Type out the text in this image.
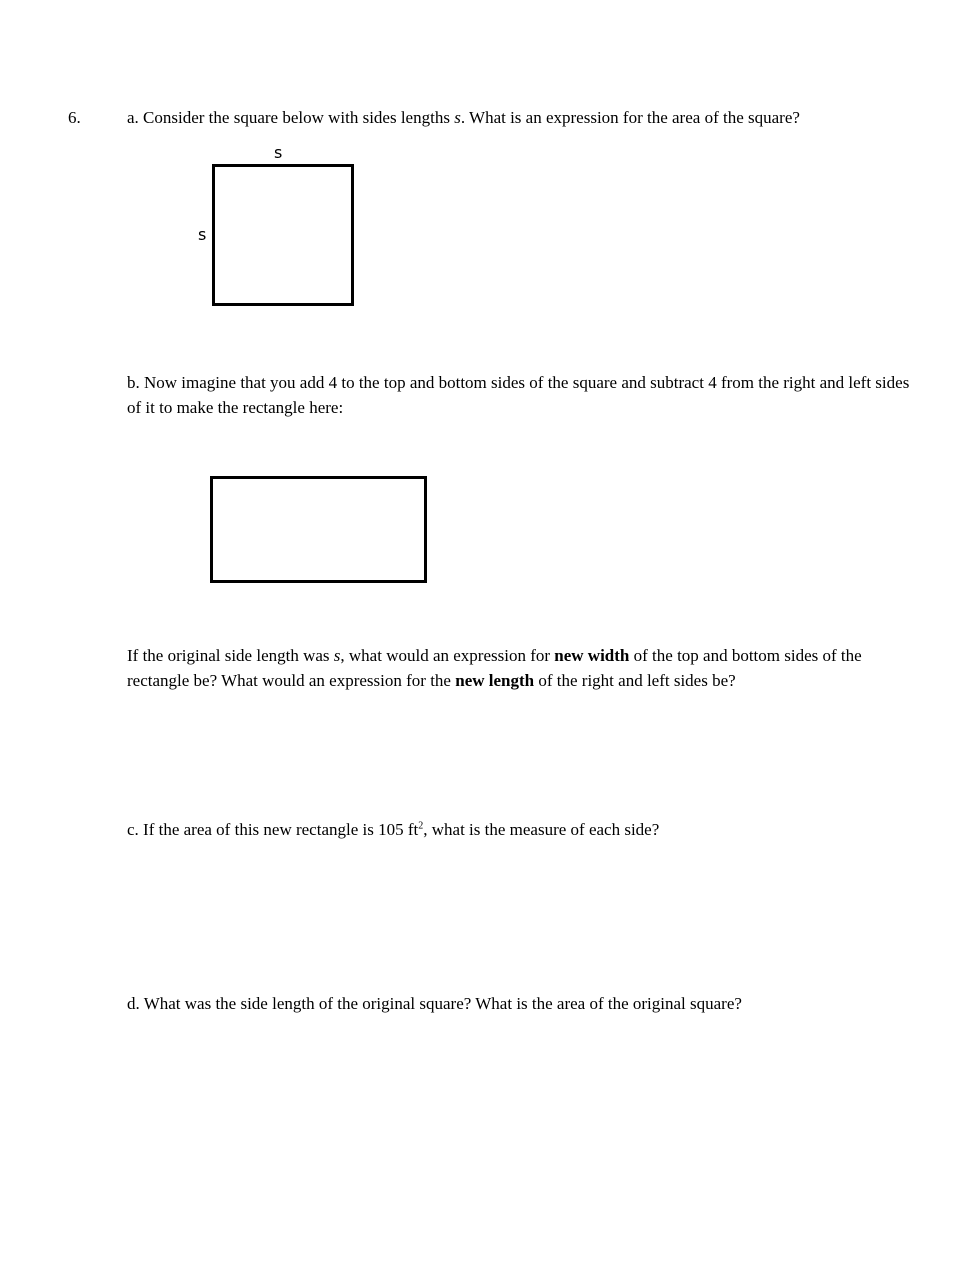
6.	a. Consider the square below with sides lengths s. What is an expression for the area of the square?
s
s
b. Now imagine that you add 4 to the top and bottom sides of the square and subtract 4 from the right and left sides of it to make the rectangle here:
If the original side length was s, what would an expression for new width of the top and bottom sides of the rectangle be? What would an expression for the new length of the right and left sides be?
c. If the area of this new rectangle is 105 $ft^2$, what is the measure of each side?
d. What was the side length of the original square? What is the area of the original square?
